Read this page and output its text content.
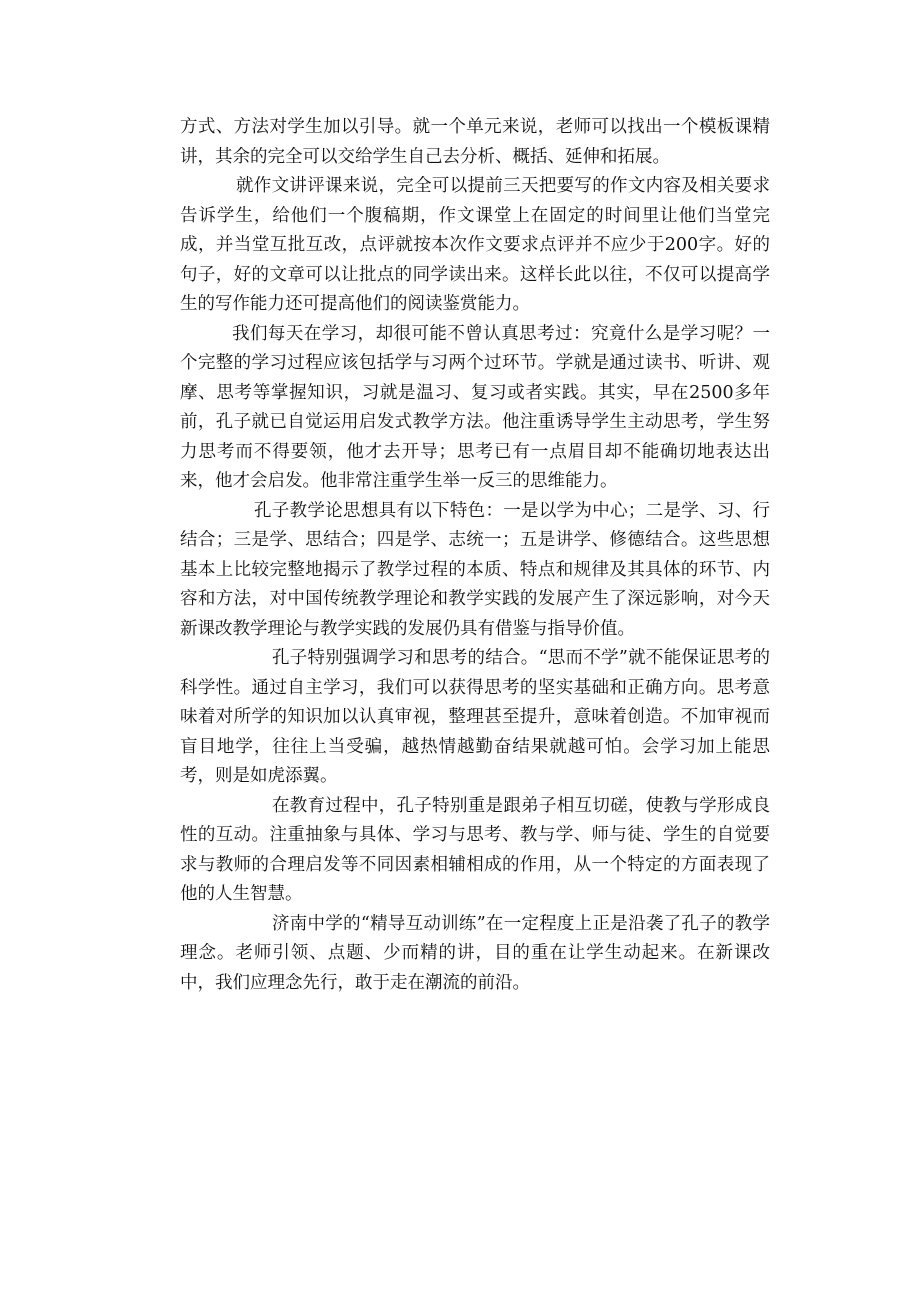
方式、方法对学生加以引导。就一个单元来说，老师可以找出一个模板课精讲，其余的完全可以交给学生自己去分析、概括、延伸和拓展。

就作文讲评课来说，完全可以提前三天把要写的作文内容及相关要求告诉学生，给他们一个腹稿期，作文课堂上在固定的时间里让他们当堂完成，并当堂互批互改，点评就按本次作文要求点评并不应少于200字。好的句子，好的文章可以让批点的同学读出来。这样长此以往，不仅可以提高学生的写作能力还可提高他们的阅读鉴赏能力。

我们每天在学习，却很可能不曾认真思考过：究竟什么是学习呢？一个完整的学习过程应该包括学与习两个过环节。学就是通过读书、听讲、观摩、思考等掌握知识，习就是温习、复习或者实践。其实，早在2500多年前，孔子就已自觉运用启发式教学方法。他注重诱导学生主动思考，学生努力思考而不得要领，他才去开导；思考已有一点眉目却不能确切地表达出来，他才会启发。他非常注重学生举一反三的思维能力。

孔子教学论思想具有以下特色：一是以学为中心；二是学、习、行结合；三是学、思结合；四是学、志统一；五是讲学、修德结合。这些思想基本上比较完整地揭示了教学过程的本质、特点和规律及其具体的环节、内容和方法，对中国传统教学理论和教学实践的发展产生了深远影响，对今天新课改教学理论与教学实践的发展仍具有借鉴与指导价值。

孔子特别强调学习和思考的结合。“思而不学”就不能保证思考的科学性。通过自主学习，我们可以获得思考的坚实基础和正确方向。思考意味着对所学的知识加以认真审视，整理甚至提升，意味着创造。不加审视而盲目地学，往往上当受骗，越热情越勤奋结果就越可怕。会学习加上能思考，则是如虎添翼。

在教育过程中，孔子特别重是跟弟子相互切磋，使教与学形成良性的互动。注重抽象与具体、学习与思考、教与学、师与徒、学生的自觉要求与教师的合理启发等不同因素相辅相成的作用，从一个特定的方面表现了他的人生智慧。

济南中学的“精导互动训练”在一定程度上正是沿袭了孔子的教学理念。老师引领、点题、少而精的讲，目的重在让学生动起来。在新课改中，我们应理念先行，敢于走在潮流的前沿。
